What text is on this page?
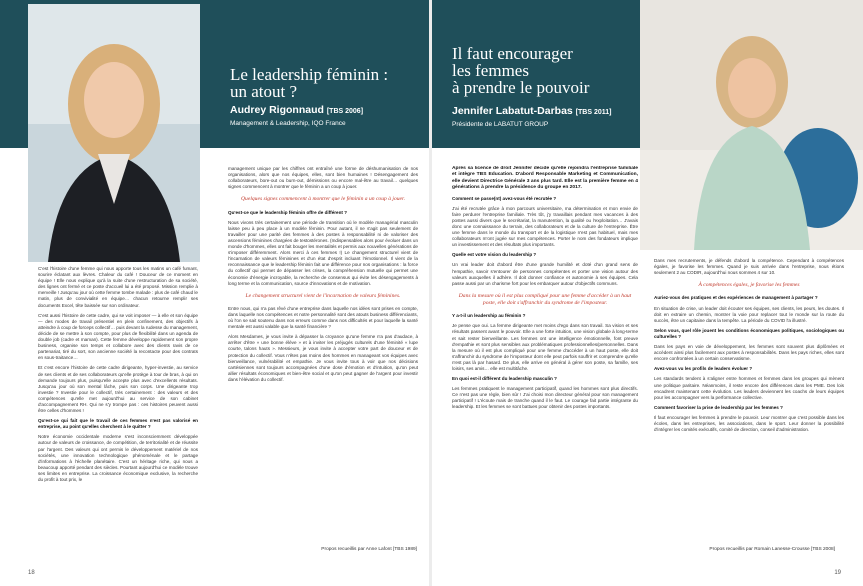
Le leadership féminin :
un atout ?
Audrey Rigonnaud [TBS 2006]
Management & Leadership, IQO France

C'est l'histoire d'une femme qui nous apporte tous les matins un café fumant, sourire éclatant aux lèvres. Chaleur du café ! Douceur de ce moment en équipe ! Elle nous explique qu'à la suite d'une restructuration de sa société, des lignes ont fermé et ce poste d'accueil lui a été proposé. Mission remplie à merveille ! Jusqu'au jour où cette femme tombe malade : plus de café chaud le matin, plus de convivialité en équipe… chacun retourne remplir ses documents Excel, tête baissée sur son ordinateur.

C'est aussi l'histoire de cette cadre, qui se voit imposer — à elle et son équipe — des modes de travail présentiel en plein confinement, des objectifs à atteindre à coup de forceps collectif… puis devant la rudesse du management, décide de se mettre à son compte, pour plus de flexibilité dans un agenda de double job (cadre et maman). Cette femme développe rapidement son propre business, organise son temps et collabore avec des clients ravis de ce partenariat, tiré du sort, son ancienne société la recontacte pour des contrats en sous-traitance…

Et c'est encore l'histoire de cette cadre dirigeante, hyper-investie, au service de ses clients et de ses collaborateurs qu'elle protège à tour de bras, à qui on demande toujours plus, puisqu'elle accepte plus avec d'excellents résultats. Jusqu'au jour où son mental lâche, puis son corps. Une dirigeante trop investie ? Investie pour le collectif, très certainement : des valeurs et des compétences qu'elle met aujourd'hui au service de son cabinet d'accompagnement RH. Qui ne s'y trompe pas : ces histoires peuvent aussi être celles d'hommes !

Qu'est-ce qui fait que le travail de ces femmes n'est pas valorisé en entreprise, au point qu'elles cherchent à le quitter ?

Notre économie occidentale moderne s'est inconsciemment développée autour de valeurs de croissance, de compétition, de territorialité et de réussite par l'argent. Des valeurs qui ont permis le développement matériel de nos sociétés, une innovation technologique phénoménale et le partage d'informations à l'échelle planétaire. C'est un héritage riche, qui nous a beaucoup apporté pendant des siècles. Pourtant aujourd'hui ce modèle trouve ses limites en entreprise. La croissance économique exclusive, la recherche du profit à tout prix, le

management unique par les chiffres ont entraîné une forme de déshumanisation de nos organisations, alors que nos équipes, elles, sont bien humaines ! Désengagement des collaborateurs, bore-out ou burn-out, démissions ou encore mal-être au travail… quelques signes commencent à montrer que le féminin a un coup à jouer.

Quelques signes commencent à montrer que le féminin a un coup à jouer.

Qu'est-ce que le leadership féminin offre de différent ?

Nous vivons très certainement une période de transition où le modèle managérial masculin laisse peu à peu place à un modèle féminin. Pour autant, il ne s'agit pas seulement de travailler pour une parité des femmes à des postes à responsabilité ni de valoriser des ascensions féminines chargées de testostérones. (Indispensables alors pour évoluer dans un monde d'hommes, elles ont fait bouger les mentalités et permis aux nouvelles générations de s'imposer différemment. Alors merci à ces femmes !) Le changement structurel vient de l'incarnation de valeurs féminines et d'un état d'esprit incluant l'émotionnel. Il vient de la reconnaissance que le leadership féminin fait une différence pour nos organisations : la force du collectif qui permet de dépasser les crises, la compréhension mutuelle qui permet une économie d'énergie incroyable, la recherche de consensus qui évite les désengagements à long terme et la communication, source d'innovations et de motivation.

Le changement structurel vient de l'incarnation de valeurs féminines.

Entre nous, qui n'a pas rêvé d'une entreprise dans laquelle nos idées sont prises en compte, dans laquelle nos compétences et notre personnalité sont des atouts business différenciants, où l'on se sait soutenu dans nos erreurs comme dans nos difficultés et pour laquelle la santé mentale est aussi valable que la santé financière ?

Alors Mesdames, je vous invite à dépasser la croyance qu'une femme n'a pas d'audace, à arrêter d'être « une bonne élève » et à inviter les préjugés culturels d'une féminité « lupe courte, talons hauts ». Messieurs, je vous invite à accepter votre part de douceur et de protection du collectif. Vous n'êtes pas moins des hommes en manageant vos équipes avec bienveillance, vulnérabilité et empathie. Je vous invite tous à voir que nos décisions cartésiennes sont toujours accompagnées d'une dose d'émotion et d'intuition, qu'on peut allier résultats économiques et bien-être social et qu'on peut gagner de l'argent pour investir dans l'élévation du collectif.

Propos recueillis par Anne Lafont [TBS 1989]
18
Il faut encourager
les femmes
à prendre le pouvoir
Jennifer Labatut-Darbas [TBS 2011]
Présidente de LABATUT GROUP

Après sa licence de droit Jennifer décide qu'elle rejoindra l'entreprise familiale et intègre TBS Education. D'abord Responsable Marketing et Communication, elle devient Directrice Générale 3 ans plus tard. Elle est la première femme en 4 générations à prendre la présidence du groupe en 2017.

Comment se passe(nt) avez-vous été recrutée ?

J'ai été recrutée grâce à mon parcours universitaire, ma détermination et mon envie de faire perdurer l'entreprise familiale. Très tôt, j'y travaillais pendant mes vacances à des postes aussi divers que le secrétariat, la manutention, la qualité ou l'exploitation… J'avais donc une connaissance du terrain, des collaborateurs et de la culture de l'entreprise. Être une femme dans le monde du transport et de la logistique n'est pas habituel, mais mes collaborateurs m'ont jugée sur mes compétences. Porter le nom des fondateurs implique un investissement et des résultats plus importants.

Quelle est votre vision du leadership ?

Un vrai leader doit d'abord être d'une grande humilité et doté d'un grand sens de l'empathie, savoir s'entourer de personnes compétentes et porter une vision autour des valeurs auxquelles il adhère. Il doit donner confiance et autonomie à ses équipes. Cela passe aussi par un charisme fort pour les embarquer autour d'objectifs communs.

Dans la mesure où il est plus compliqué pour une femme d'accéder à un haut poste, elle doit s'affranchir du syndrome de l'imposteur.

Y a-t-il un leadership au féminin ?

Je pense que oui. La femme dirigeante met moins d'ego dans son travail. Sa vision et ses résultats passent avant le pouvoir. Elle a une forte intuition, une vision globale à long-terme et sait rester bienveillante. Les femmes ont une intelligence émotionnelle, font preuve d'empathie et sont plus sensibles aux problématiques professionnelles/personnelles. Dans la mesure où il est plus compliqué pour une femme d'accéder à un haut poste, elle doit s'affranchir du syndrome de l'imposteur dont elle peut parfois souffrir et comprendre qu'elle n'est pas là par hasard. De plus, elle arrive en général à gérer son poste, sa famille, ses loisirs, ses amis… elle est multitâche.

En quoi est-il différent du leadership masculin ?

Les femmes pratiquent le management participatif, quand les hommes sont plus directifs. Ce n'est pas une règle, bien sûr ! J'ai choisi mon directeur général pour son management participatif ! L'écoute mais de tranche quand il le faut. Le courage fait partie intégrante du leadership. Et les femmes se sont battues pour obtenir des postes importants.

Dans mes recrutements, je défends d'abord la compétence. Cependant à compétences égales, je favorise les femmes. Quand je suis arrivée dans l'entreprise, nous étions seulement 2 au CODIR, aujourd'hui nous sommes 4 sur 10.

À compétences égales, je favorise les femmes

Auriez-vous des pratiques et des expériences de management à partager ?

En situation de crise, un leader doit écouter ses équipes, ses clients, les peurs, les doutes. Il doit en extraire un chemin, montrer la voie pour replacer tout le monde sur la route du succès, être un capitaine dans la tempête. La période du COVID l'a illustré.

Selon vous, quel rôle jouent les conditions économiques politiques, sociologiques ou culturelles ?

Dans les pays en voie de développement, les femmes sont souvent plus diplômées et accèdent ainsi plus facilement aux postes à responsabilités. Dans les pays riches, elles sont encore confrontées à un certain conservatisme.

Avez-vous vu les profils de leaders évoluer ?

Les standards tendent à s'aligner entre hommes et femmes dans les groupes qui mènent une politique paritaire. Néanmoins, il reste encore des différences dans les PME. Des lois encadrent maintenant cette évolution. Les leaders deviennent les coachs de leurs équipes pour les accompagner vers la performance collective.

Comment favoriser la prise de leadership par les femmes ?

Il faut encourager les femmes à prendre le pouvoir. Leur montrer que c'est possible dans les écoles, dans les entreprises, les associations, dans le sport. Leur donner la possibilité d'intégrer les comités exécutifs, comité de direction, conseil d'administration.

Propos recueillis par Romain Lanesse-Crousse [TBS 2008]
19
